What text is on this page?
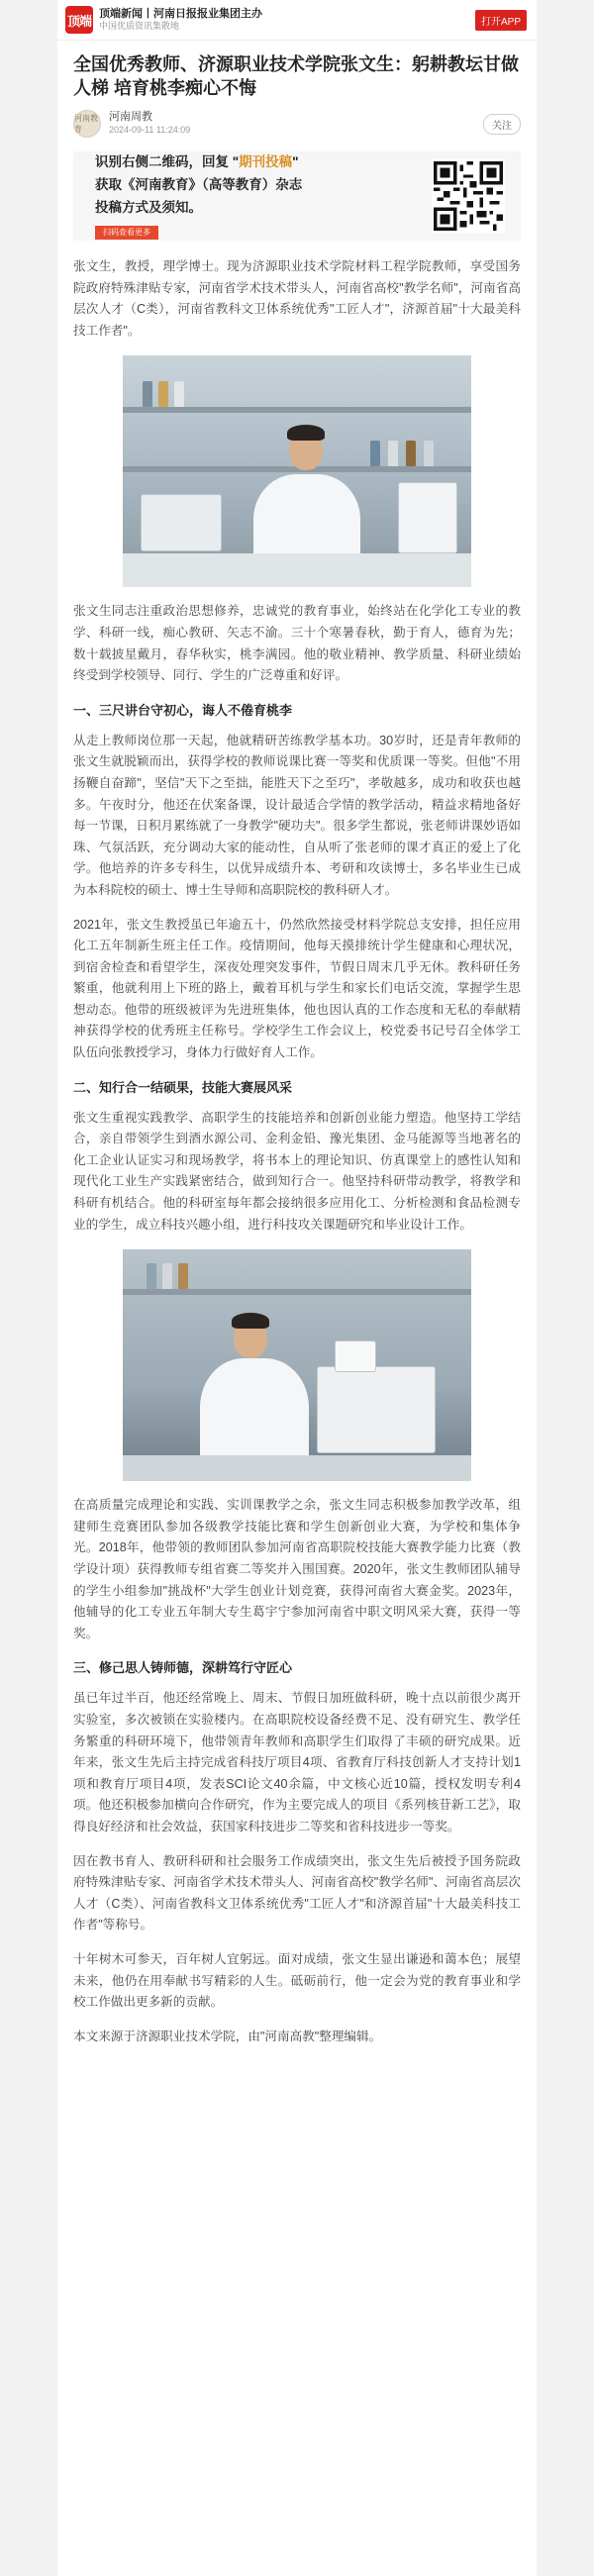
顶端 顶端新闻丨河南日报报业集团主办
中国优质资讯集散地	打开APP
全国优秀教师、济源职业技术学院张文生：躬耕教坛甘做人梯 培育桃李痴心不悔
河南教育
河南周教
2024-09-11 11:24:09	关注
识别右侧二维码，回复 "期刊投稿"
获取《河南教育》（高等教育）杂志
投稿方式及须知。
扫码查看更多

张文生，教授，理学博士。现为济源职业技术学院材料工程学院教师，享受国务院政府特殊津贴专家，河南省学术技术带头人，河南省高校"教学名师"，河南省高层次人才（C类），河南省教科文卫体系统优秀"工匠人才"，济源首届"十大最美科技工作者"。

张文生同志注重政治思想修养，忠诚党的教育事业，始终站在化学化工专业的教学、科研一线，痴心教研、矢志不渝。三十个寒暑春秋，勤于育人，德育为先；数十载披星戴月，春华秋实，桃李满园。他的敬业精神、教学质量、科研业绩始终受到学校领导、同行、学生的广泛尊重和好评。

一、三尺讲台守初心，诲人不倦育桃李

从走上教师岗位那一天起，他就精研苦练教学基本功。30岁时，还是青年教师的张文生就脱颖而出，获得学校的教师说课比赛一等奖和优质课一等奖。但他"不用扬鞭自奋蹄"，坚信"天下之至拙，能胜天下之至巧"，孝敬越多，成功和收获也越多。午夜时分，他还在伏案备课，设计最适合学情的教学活动，精益求精地备好每一节课，日积月累练就了一身教学"硬功夫"。很多学生都说，张老师讲课妙语如珠、气氛活跃，充分调动大家的能动性，自从听了张老师的课才真正的爱上了化学。他培养的许多专科生，以优异成绩升本、考研和攻读博士，多名毕业生已成为本科院校的硕士、博士生导师和高职院校的教科研人才。

2021年，张文生教授虽已年逾五十，仍然欣然接受材料学院总支安排，担任应用化工五年制新生班主任工作。疫情期间，他每天摸排统计学生健康和心理状况，到宿舍检查和看望学生，深夜处理突发事件，节假日周末几乎无休。教科研任务繁重，他就利用上下班的路上，戴着耳机与学生和家长们电话交流，掌握学生思想动态。他带的班级被评为先进班集体，他也因认真的工作态度和无私的奉献精神获得学校的优秀班主任称号。学校学生工作会议上，校党委书记号召全体学工队伍向张教授学习，身体力行做好育人工作。

二、知行合一结硕果，技能大赛展风采

张文生重视实践教学、高职学生的技能培养和创新创业能力塑造。他坚持工学结合，亲自带领学生到酒水源公司、金利金铅、豫光集团、金马能源等当地著名的化工企业认证实习和现场教学，将书本上的理论知识、仿真课堂上的感性认知和现代化工业生产实践紧密结合，做到知行合一。他坚持科研带动教学，将教学和科研有机结合。他的科研室每年都会接纳很多应用化工、分析检测和食品检测专业的学生，成立科技兴趣小组，进行科技攻关课题研究和毕业设计工作。

在高质量完成理论和实践、实训课教学之余，张文生同志积极参加教学改革，组建师生竞赛团队参加各级教学技能比赛和学生创新创业大赛，为学校和集体争光。2018年，他带领的教师团队参加河南省高职院校技能大赛教学能力比赛（教学设计项）获得教师专组省赛二等奖并入围国赛。2020年，张文生教师团队辅导的学生小组参加"挑战杯"大学生创业计划竞赛，获得河南省大赛金奖。2023年，他辅导的化工专业五年制大专生葛宇宁参加河南省中职文明风采大赛，获得一等奖。

三、修己思人铸师德，深耕笃行守匠心

虽已年过半百，他还经常晚上、周末、节假日加班做科研，晚十点以前很少离开实验室，多次被锁在实验楼内。在高职院校设备经费不足、没有研究生、教学任务繁重的科研环境下，他带领青年教师和高职学生们取得了丰硕的研究成果。近年来，张文生先后主持完成省科技厅项目4项、省教育厅科技创新人才支持计划1项和教育厅项目4项，发表SCI论文40余篇，中文核心近10篇，授权发明专利4项。他还积极参加横向合作研究，作为主要完成人的项目《系列核苷新工艺》，取得良好经济和社会效益，获国家科技进步二等奖和省科技进步一等奖。

因在教书育人、教研科研和社会服务工作成绩突出，张文生先后被授予国务院政府特殊津贴专家、河南省学术技术带头人、河南省高校"教学名师"、河南省高层次人才（C类）、河南省教科文卫体系统优秀"工匠人才"和济源首届"十大最美科技工作者"等称号。

十年树木可参天，百年树人宜躬远。面对成绩，张文生显出谦逊和蔼本色；展望未来，他仍在用奉献书写精彩的人生。砥砺前行，他一定会为党的教育事业和学校工作做出更多新的贡献。

本文来源于济源职业技术学院，由"河南高教"整理编辑。
